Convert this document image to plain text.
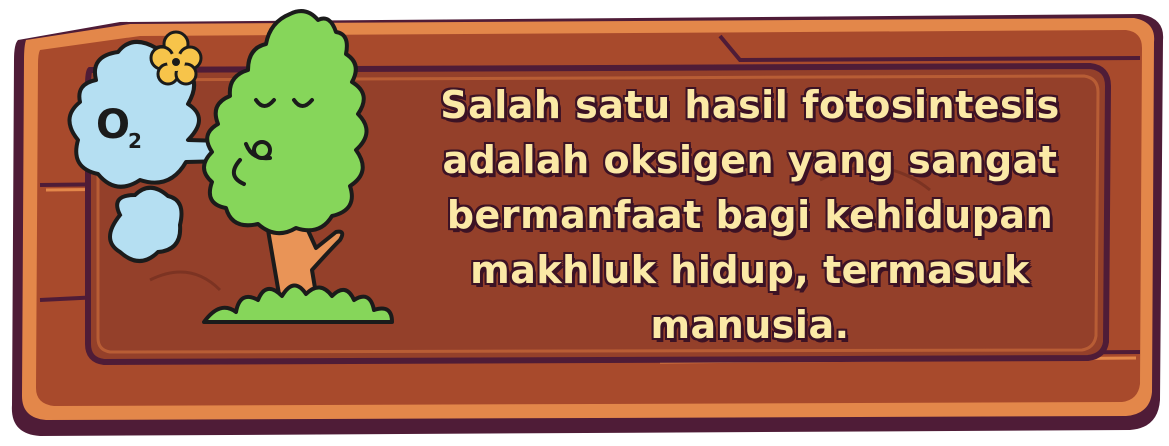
O
2

Salah satu hasil fotosintesis
adalah oksigen yang sangat
bermanfaat bagi kehidupan
makhluk hidup, termasuk
manusia.
